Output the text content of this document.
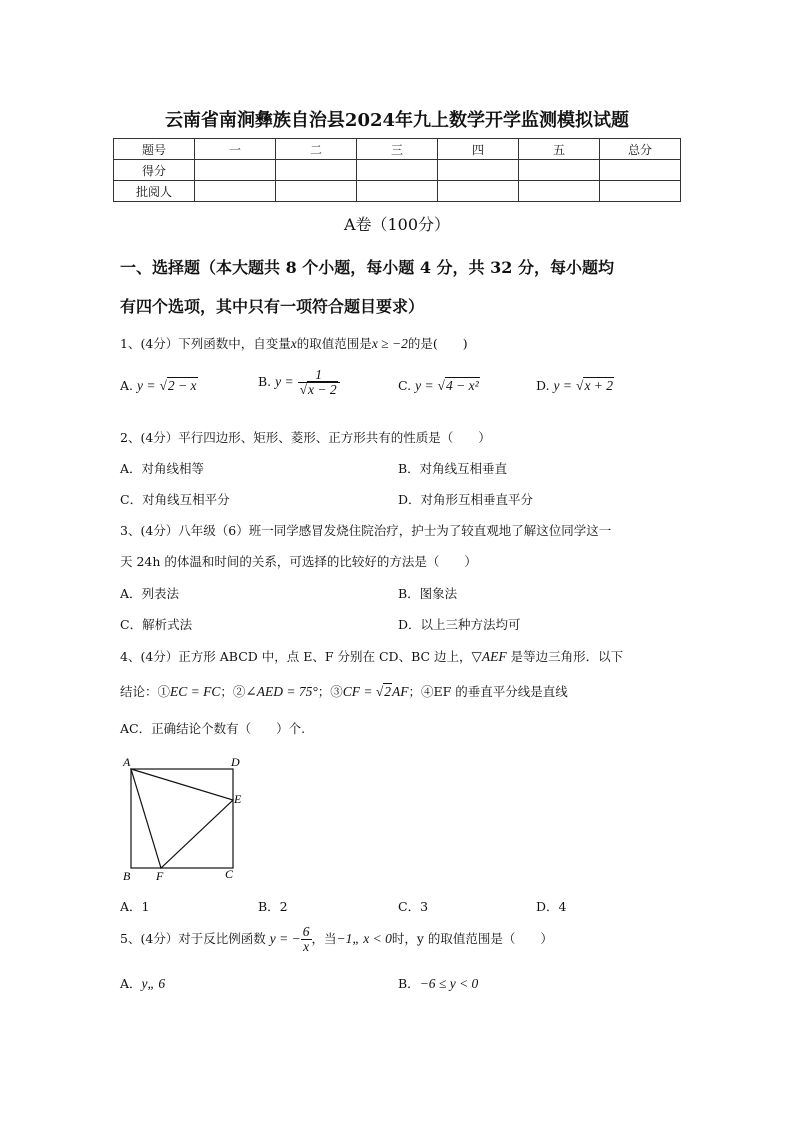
云南省南涧彝族自治县2024年九上数学开学监测模拟试题
题号	一	二	三	四	五	总分
得分						
批阅人						
A卷（100分）
一、选择题（本大题共 8 个小题，每小题 4 分，共 32 分，每小题均
有四个选项，其中只有一项符合题目要求）
1、(4分）下列函数中，自变量x的取值范围是x ≥ −2的是(　　)
A. y = √2 − x	B. $y = \frac{1}{√x - 2}$	C. y = √4 − x²	D. y = √x + 2
2、(4分）平行四边形、矩形、菱形、正方形共有的性质是（　　）
A．对角线相等	B．对角线互相垂直
C．对角线互相平分	D．对角形互相垂直平分
3、(4分）八年级（6）班一同学感冒发烧住院治疗，护士为了较直观地了解这位同学这一
天 24h 的体温和时间的关系，可选择的比较好的方法是（　　）
A．列表法	B．图象法
C．解析式法	D．以上三种方法均可
4、(4分）正方形 ABCD 中，点 E、F 分别在 CD、BC 边上，▽AEF 是等边三角形．以下
结论：①EC = FC；②∠AED = 75°；③CF = √2AF；④EF 的垂直平分线是直线
AC．正确结论个数有（　　）个.
A	D
E
B F	C
A．1	B．2	C．3	D．4
5、(4分）对于反比例函数 y = − $\frac{6}{x}$ ，当−1„ x < 0时，y 的取值范围是（　　）
A．y„ 6	B．−6 ≤ y < 0
